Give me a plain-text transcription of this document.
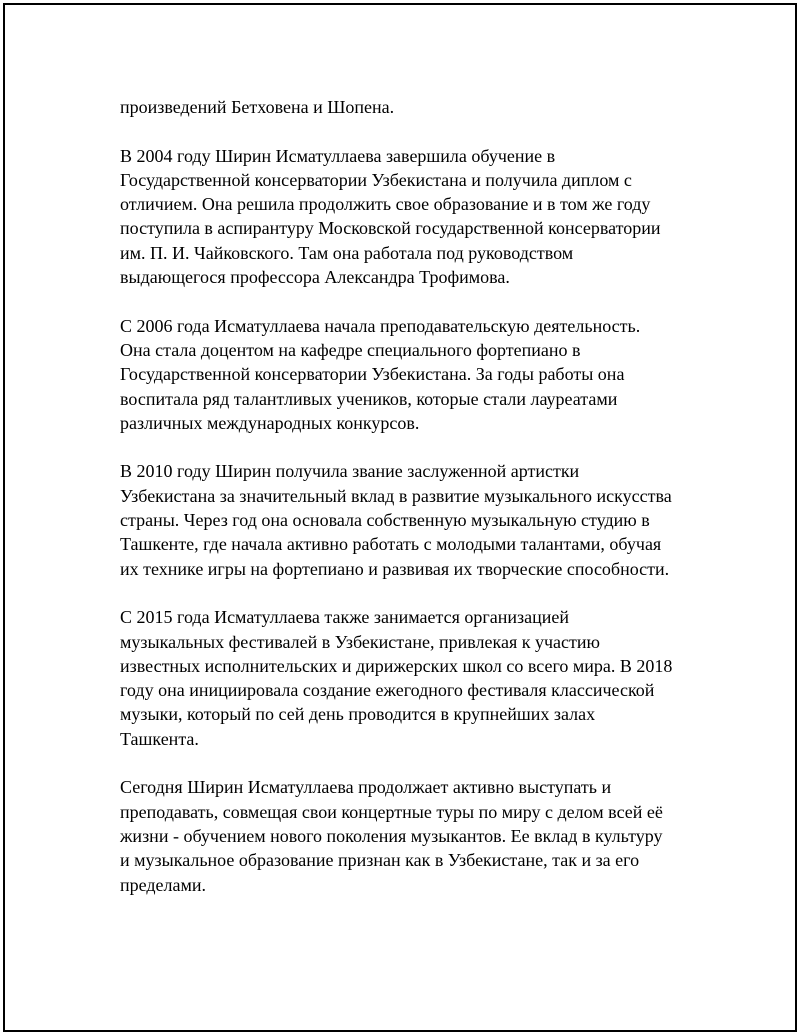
произведений Бетховена и Шопена.

В 2004 году Ширин Исматуллаева завершила обучение в
Государственной консерватории Узбекистана и получила диплом с
отличием. Она решила продолжить свое образование и в том же году
поступила в аспирантуру Московской государственной консерватории
им. П. И. Чайковского. Там она работала под руководством
выдающегося профессора Александра Трофимова.

С 2006 года Исматуллаева начала преподавательскую деятельность.
Она стала доцентом на кафедре специального фортепиано в
Государственной консерватории Узбекистана. За годы работы она
воспитала ряд талантливых учеников, которые стали лауреатами
различных международных конкурсов.

В 2010 году Ширин получила звание заслуженной артистки
Узбекистана за значительный вклад в развитие музыкального искусства
страны. Через год она основала собственную музыкальную студию в
Ташкенте, где начала активно работать с молодыми талантами, обучая
их технике игры на фортепиано и развивая их творческие способности.

С 2015 года Исматуллаева также занимается организацией
музыкальных фестивалей в Узбекистане, привлекая к участию
известных исполнительских и дирижерских школ со всего мира. В 2018
году она инициировала создание ежегодного фестиваля классической
музыки, который по сей день проводится в крупнейших залах
Ташкента.

Сегодня Ширин Исматуллаева продолжает активно выступать и
преподавать, совмещая свои концертные туры по миру с делом всей её
жизни - обучением нового поколения музыкантов. Ее вклад в культуру
и музыкальное образование признан как в Узбекистане, так и за его
пределами.
